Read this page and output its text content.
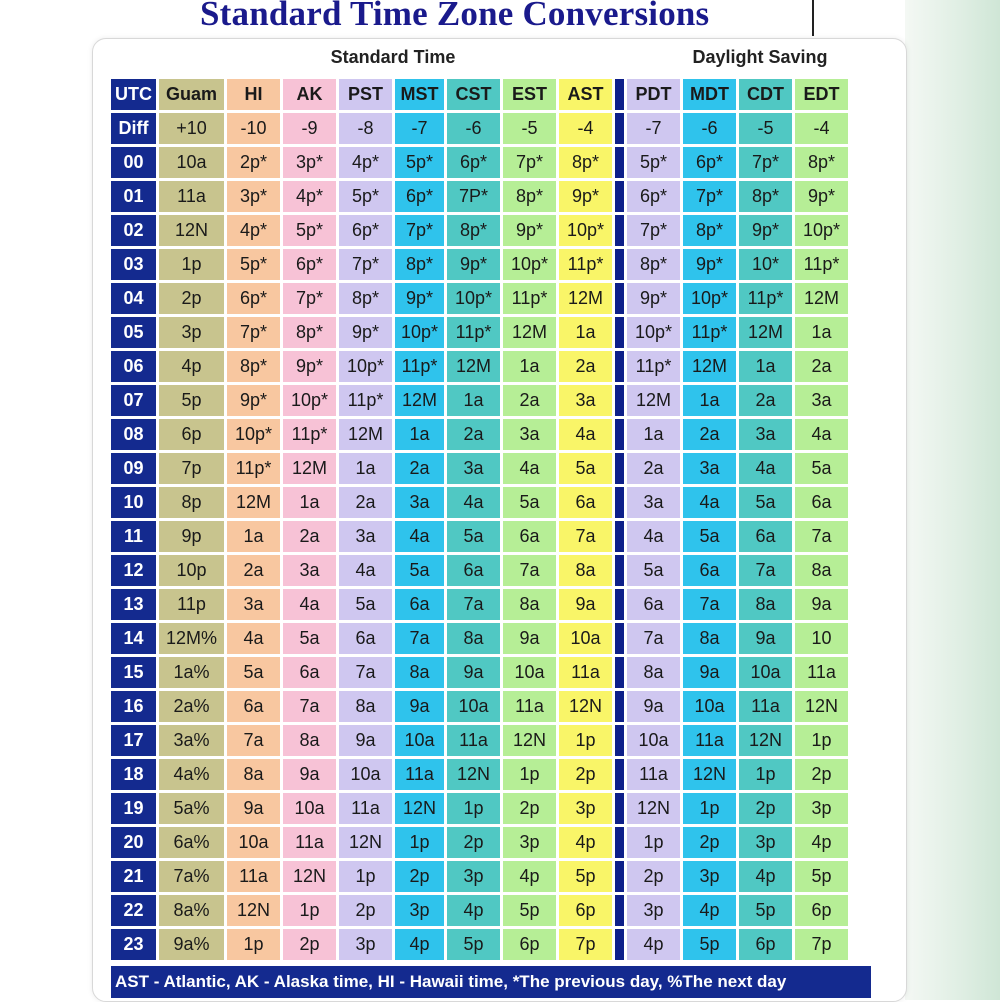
Standard Time Zone Conversions
Standard Time	Daylight Saving
UTC	Guam	HI	AK	PST	MST	CST	EST	AST		PDT	MDT	CDT	EDT
Diff	+10	-10	-9	-8	-7	-6	-5	-4		-7	-6	-5	-4
00	10a	2p*	3p*	4p*	5p*	6p*	7p*	8p*		5p*	6p*	7p*	8p*
01	11a	3p*	4p*	5p*	6p*	7P*	8p*	9p*		6p*	7p*	8p*	9p*
02	12N	4p*	5p*	6p*	7p*	8p*	9p*	10p*		7p*	8p*	9p*	10p*
03	1p	5p*	6p*	7p*	8p*	9p*	10p*	11p*		8p*	9p*	10*	11p*
04	2p	6p*	7p*	8p*	9p*	10p*	11p*	12M		9p*	10p*	11p*	12M
05	3p	7p*	8p*	9p*	10p*	11p*	12M	1a		10p*	11p*	12M	1a
06	4p	8p*	9p*	10p*	11p*	12M	1a	2a		11p*	12M	1a	2a
07	5p	9p*	10p*	11p*	12M	1a	2a	3a		12M	1a	2a	3a
08	6p	10p*	11p*	12M	1a	2a	3a	4a		1a	2a	3a	4a
09	7p	11p*	12M	1a	2a	3a	4a	5a		2a	3a	4a	5a
10	8p	12M	1a	2a	3a	4a	5a	6a		3a	4a	5a	6a
11	9p	1a	2a	3a	4a	5a	6a	7a		4a	5a	6a	7a
12	10p	2a	3a	4a	5a	6a	7a	8a		5a	6a	7a	8a
13	11p	3a	4a	5a	6a	7a	8a	9a		6a	7a	8a	9a
14	12M%	4a	5a	6a	7a	8a	9a	10a		7a	8a	9a	10
15	1a%	5a	6a	7a	8a	9a	10a	11a		8a	9a	10a	11a
16	2a%	6a	7a	8a	9a	10a	11a	12N		9a	10a	11a	12N
17	3a%	7a	8a	9a	10a	11a	12N	1p		10a	11a	12N	1p
18	4a%	8a	9a	10a	11a	12N	1p	2p		11a	12N	1p	2p
19	5a%	9a	10a	11a	12N	1p	2p	3p		12N	1p	2p	3p
20	6a%	10a	11a	12N	1p	2p	3p	4p		1p	2p	3p	4p
21	7a%	11a	12N	1p	2p	3p	4p	5p		2p	3p	4p	5p
22	8a%	12N	1p	2p	3p	4p	5p	6p		3p	4p	5p	6p
23	9a%	1p	2p	3p	4p	5p	6p	7p		4p	5p	6p	7p
AST - Atlantic, AK - Alaska time, HI - Hawaii time, *The previous day, %The next day
